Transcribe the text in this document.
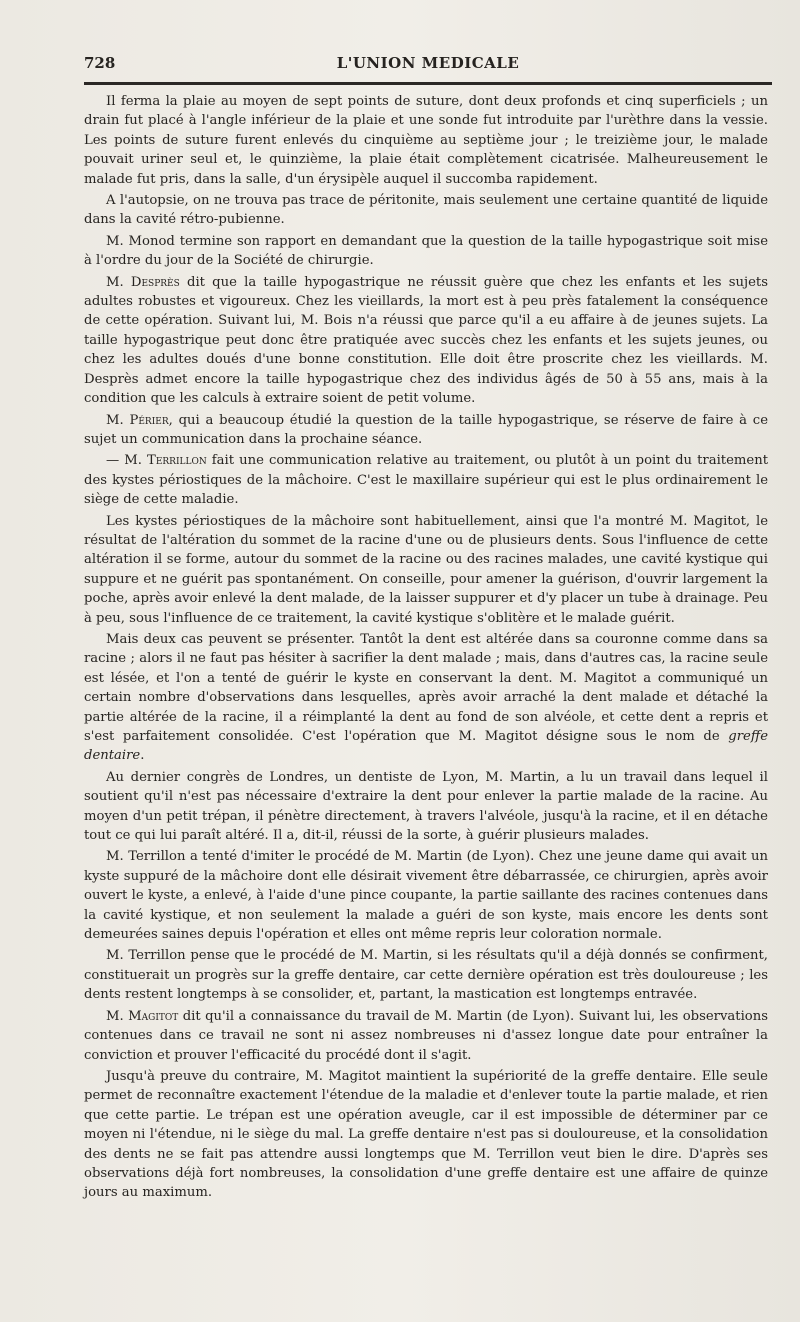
728	L'UNION MEDICALE

Il ferma la plaie au moyen de sept points de suture, dont deux profonds et cinq superficiels ; un drain fut placé à l'angle inférieur de la plaie et une sonde fut introduite par l'urèthre dans la vessie. Les points de suture furent enlevés du cinquième au septième jour ; le treizième jour, le malade pouvait uriner seul et, le quinzième, la plaie était complètement cicatrisée. Malheureusement le malade fut pris, dans la salle, d'un érysipèle auquel il succomba rapidement.

A l'autopsie, on ne trouva pas trace de péritonite, mais seulement une certaine quantité de liquide dans la cavité rétro-pubienne.

M. Monod termine son rapport en demandant que la question de la taille hypogastrique soit mise à l'ordre du jour de la Société de chirurgie.

M. Desprès dit que la taille hypogastrique ne réussit guère que chez les enfants et les sujets adultes robustes et vigoureux. Chez les vieillards, la mort est à peu près fatalement la conséquence de cette opération. Suivant lui, M. Bois n'a réussi que parce qu'il a eu affaire à de jeunes sujets. La taille hypogastrique peut donc être pratiquée avec succès chez les enfants et les sujets jeunes, ou chez les adultes doués d'une bonne constitution. Elle doit être proscrite chez les vieillards. M. Desprès admet encore la taille hypogastrique chez des individus âgés de 50 à 55 ans, mais à la condition que les calculs à extraire soient de petit volume.

M. Périer, qui a beaucoup étudié la question de la taille hypogastrique, se réserve de faire à ce sujet un communication dans la prochaine séance.

— M. Terrillon fait une communication relative au traitement, ou plutôt à un point du traitement des kystes périostiques de la mâchoire. C'est le maxillaire supérieur qui est le plus ordinairement le siège de cette maladie.

Les kystes périostiques de la mâchoire sont habituellement, ainsi que l'a montré M. Magitot, le résultat de l'altération du sommet de la racine d'une ou de plusieurs dents. Sous l'influence de cette altération il se forme, autour du sommet de la racine ou des racines malades, une cavité kystique qui suppure et ne guérit pas spontanément. On conseille, pour amener la guérison, d'ouvrir largement la poche, après avoir enlevé la dent malade, de la laisser suppurer et d'y placer un tube à drainage. Peu à peu, sous l'influence de ce traitement, la cavité kystique s'oblitère et le malade guérit.

Mais deux cas peuvent se présenter. Tantôt la dent est altérée dans sa couronne comme dans sa racine ; alors il ne faut pas hésiter à sacrifier la dent malade ; mais, dans d'autres cas, la racine seule est lésée, et l'on a tenté de guérir le kyste en conservant la dent. M. Magitot a communiqué un certain nombre d'observations dans lesquelles, après avoir arraché la dent malade et détaché la partie altérée de la racine, il a réimplanté la dent au fond de son alvéole, et cette dent a repris et s'est parfaitement consolidée. C'est l'opération que M. Magitot désigne sous le nom de greffe dentaire.

Au dernier congrès de Londres, un dentiste de Lyon, M. Martin, a lu un travail dans lequel il soutient qu'il n'est pas nécessaire d'extraire la dent pour enlever la partie malade de la racine. Au moyen d'un petit trépan, il pénètre directement, à travers l'alvéole, jusqu'à la racine, et il en détache tout ce qui lui paraît altéré. Il a, dit-il, réussi de la sorte, à guérir plusieurs malades.

M. Terrillon a tenté d'imiter le procédé de M. Martin (de Lyon). Chez une jeune dame qui avait un kyste suppuré de la mâchoire dont elle désirait vivement être débarrassée, ce chirurgien, après avoir ouvert le kyste, a enlevé, à l'aide d'une pince coupante, la partie saillante des racines contenues dans la cavité kystique, et non seulement la malade a guéri de son kyste, mais encore les dents sont demeurées saines depuis l'opération et elles ont même repris leur coloration normale.

M. Terrillon pense que le procédé de M. Martin, si les résultats qu'il a déjà donnés se confirment, constituerait un progrès sur la greffe dentaire, car cette dernière opération est très douloureuse ; les dents restent longtemps à se consolider, et, partant, la mastication est longtemps entravée.

M. Magitot dit qu'il a connaissance du travail de M. Martin (de Lyon). Suivant lui, les observations contenues dans ce travail ne sont ni assez nombreuses ni d'assez longue date pour entraîner la conviction et prouver l'efficacité du procédé dont il s'agit.

Jusqu'à preuve du contraire, M. Magitot maintient la supériorité de la greffe dentaire. Elle seule permet de reconnaître exactement l'étendue de la maladie et d'enlever toute la partie malade, et rien que cette partie. Le trépan est une opération aveugle, car il est impossible de déterminer par ce moyen ni l'étendue, ni le siège du mal. La greffe dentaire n'est pas si douloureuse, et la consolidation des dents ne se fait pas attendre aussi longtemps que M. Terrillon veut bien le dire. D'après ses observations déjà fort nombreuses, la consolidation d'une greffe dentaire est une affaire de quinze jours au maximum.
